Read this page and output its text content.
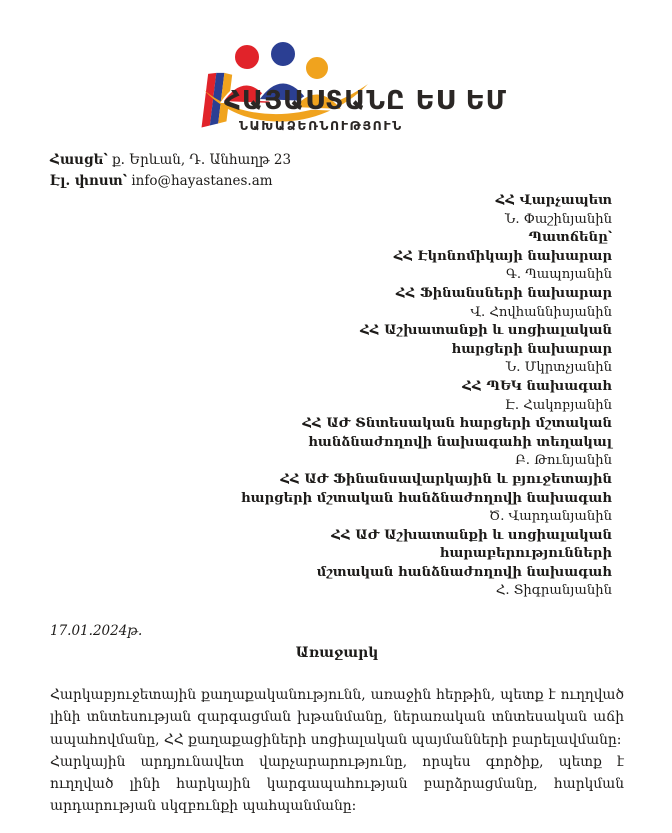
ՀԱՅԱՍՏԱՆԸ ԵՍ ԵՄ
ՆԱԽԱՁԵՌՆՈՒԹՅՈՒՆ
Հասցե՝ ք. Երևան, Դ. Անհաղթ 23
Էլ. փոստ՝ info@hayastanes.am
ՀՀ Վարչապետ
Ն. Փաշինյանին
Պատճենը՝
ՀՀ Էկոնոմիկայի նախարար
Գ. Պապոյանին
ՀՀ Ֆինանսների նախարար
Վ. Հովհաննիսյանին
ՀՀ Աշխատանքի և սոցիալական
հարցերի նախարար
Ն. Մկրտչյանին
ՀՀ ՊԵԿ նախագահ
Է. Հակոբյանին
ՀՀ ԱԺ Տնտեսական հարցերի մշտական
հանձնաժողովի նախագահի տեղակալ
Բ. Թունյանին
ՀՀ ԱԺ Ֆինանսավարկային և բյուջետային
հարցերի մշտական հանձնաժողովի նախագահ
Ծ. Վարդանյանին
ՀՀ ԱԺ Աշխատանքի և սոցիալական
հարաբերությունների
մշտական հանձնաժողովի նախագահ
Հ. Տիգրանյանին
17.01.2024թ.
Առաջարկ

Հարկաբյուջետային քաղաքականությունն, առաջին հերթին, պետք է ուղղված լինի տնտեսության զարգացման խթանմանը, ներառական տնտեսական աճի ապահովմանը, ՀՀ քաղաքացիների սոցիալական պայմանների բարելավմանը:

Հարկային արդյունավետ վարչարարությունը, որպես գործիք, պետք է ուղղված լինի հարկային կարգապահության բարձրացմանը, հարկման արդարության սկզբունքի պահպանմանը:
